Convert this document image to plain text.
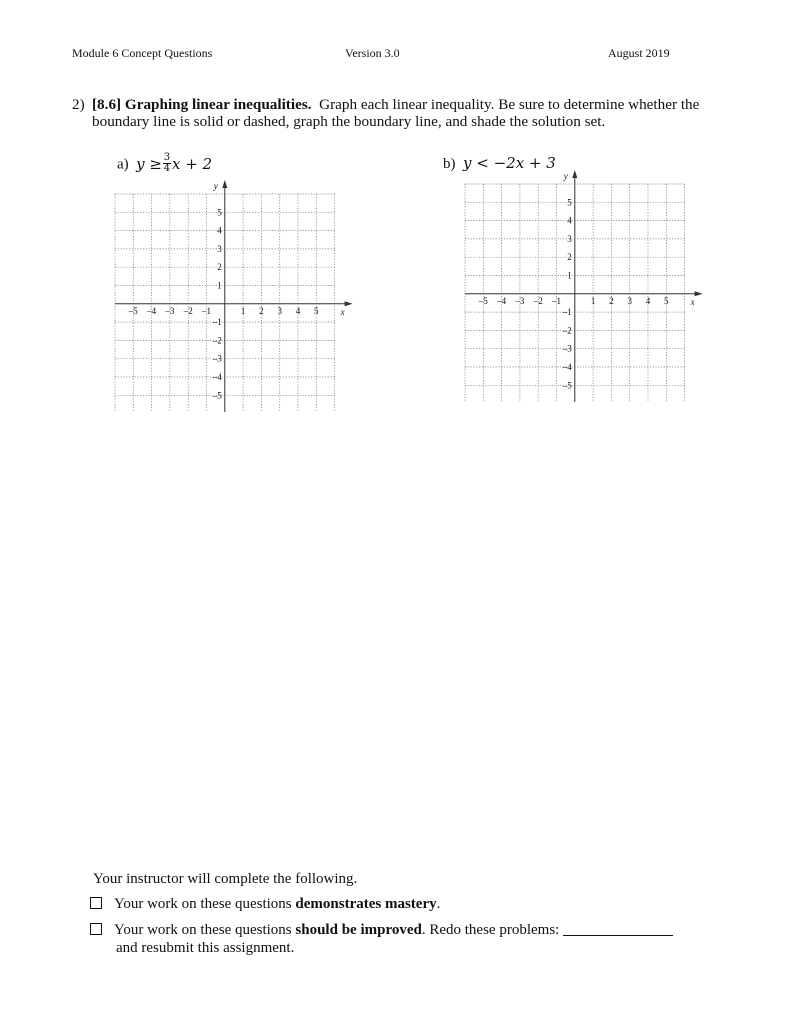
Module 6 Concept Questions	Version 3.0	August 2019
2) [8.6] Graphing linear inequalities. Graph each linear inequality. Be sure to determine whether the boundary line is solid or dashed, graph the boundary line, and shade the solution set.
a) $y \ge \frac{3}{4}$ x + 2	b) y < −2x + 3
x
y
–5 –4 –3 –2 –1	1 2 3 4 5
5
4
3
2
1
–1
–2
–3
–4
–5
x
y
–5 –4 –3 –2 –1	1 2 3 4 5
5
4
3
2
1
–1
–2
–3
–4
–5
Your instructor will complete the following.
Your work on these questions demonstrates mastery.
Your work on these questions should be improved. Redo these problems:
and resubmit this assignment.
